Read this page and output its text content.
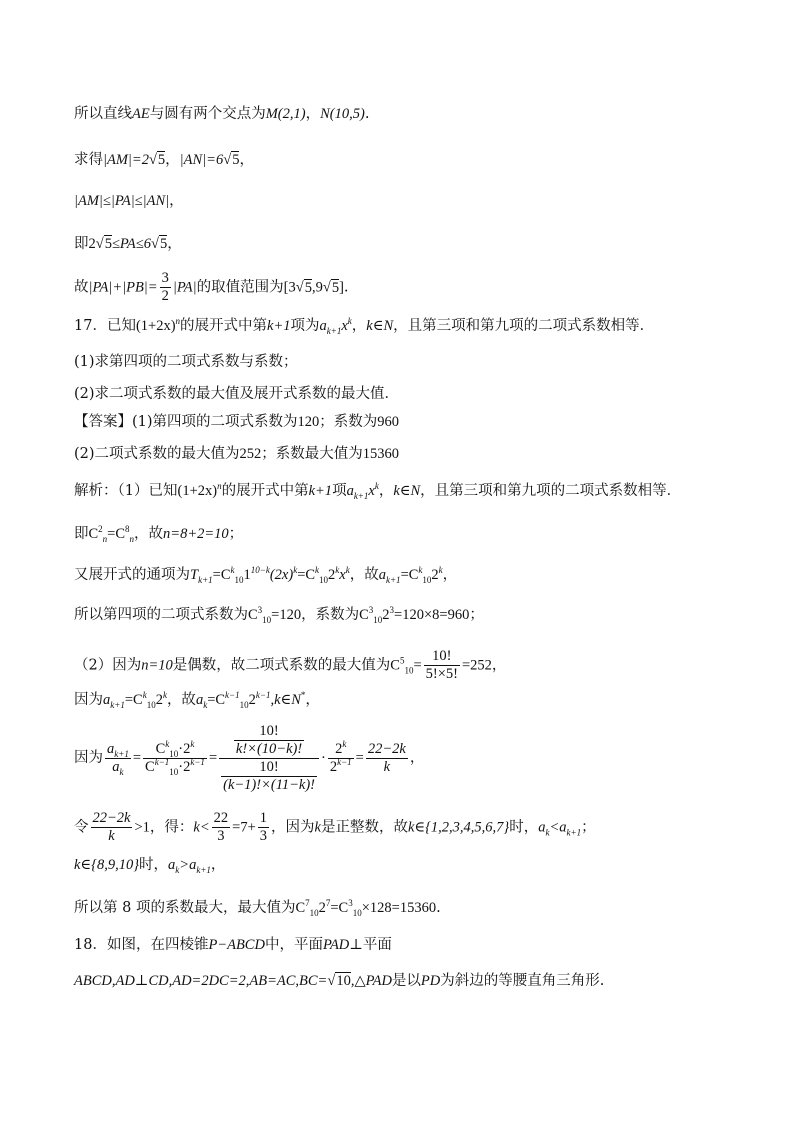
所以直线AE与圆有两个交点为M(2,1)，N(10,5).
求得|AM|=2√5，|AN|=6√5，
|AM|≤|PA|≤|AN|，
即2√5≤PA≤6√5，
故$|PA|+|PB|= \frac{3}{2} |PA|$的取值范围为[3√5,9√5].
17．已知$(1+2x)^n$的展开式中第k+1项为$a_{k+1}x^k$，k∈N，且第三项和第九项的二项式系数相等．
(1)求第四项的二项式系数与系数；
(2)求二项式系数的最大值及展开式系数的最大值．
【答案】(1)第四项的二项式系数为120；系数为960
(2)二项式系数的最大值为252；系数最大值为15360
解析：（1）已知$(1+2x)^n$的展开式中第k+1项$a_{k+1}x^k$，k∈N，且第三项和第九项的二项式系数相等．
即$C^2_n=C^8_n$，故n=8+2=10；
又展开式的通项为$T_{k+1}=C^k_{10}1^{10-k}(2x)^k=C^k_{10}2^kx^k$，故$a_{k+1}=C^k_{10}2^k$，
所以第四项的二项式系数为$C^3_{10}=120$，系数为$C^3_{10}2^3=120\times 8=960$；
（2）因为n=10是偶数，故二项式系数的最大值为$C^5_{10}= \frac{10!}{5!\times 5!} =252$，
因为$a_{k+1}=C^k_{10}2^k$，故$a_k=C^{k-1}_{10}2^{k-1},k\in N^*$，
因为 $\frac{a_{k+1}}{a_k} = \frac{C^k_{10}\cdot 2^k}{C^{k-1}_{10}\cdot 2^{k-1}} = \frac{\frac{10!}{k!\times(10-k)!}}{\frac{10!}{(k-1)!\times(11-k)!}} \cdot \frac{2^k}{2^{k-1}} = \frac{22-2k}{k}$ ，
令 $\frac{22-2k}{k} >1$，得：$k< \frac{22}{3} =7+ \frac{1}{3}$ ，因为k是正整数，故k∈{1,2,3,4,5,6,7}时，$a_k<a_{k+1}$；
k∈{8,9,10}时，$a_k>a_{k+1}$，
所以第 8 项的系数最大，最大值为$C^7_{10}2^7=C^3_{10}\times 128=15360$.
18．如图，在四棱锥P−ABCD中，平面PAD⊥平面
ABCD,AD⊥CD,AD=2DC=2,AB=AC,BC=√10,△PAD是以PD为斜边的等腰直角三角形.
